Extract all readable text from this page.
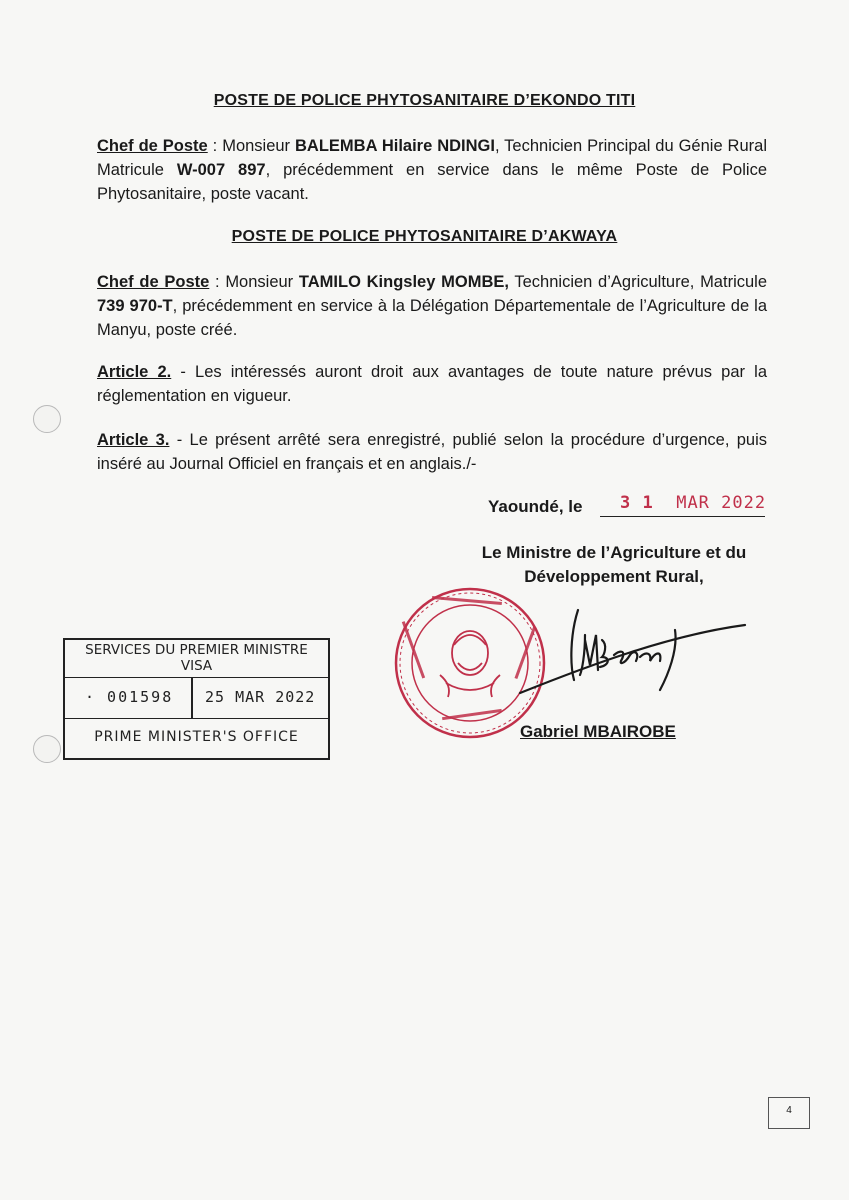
POSTE DE POLICE PHYTOSANITAIRE D’EKONDO TITI
Chef de Poste : Monsieur BALEMBA Hilaire NDINGI, Technicien Principal du Génie Rural Matricule W-007 897, précédemment en service dans le même Poste de Police Phytosanitaire, poste vacant.
POSTE DE POLICE PHYTOSANITAIRE D’AKWAYA
Chef de Poste : Monsieur TAMILO Kingsley MOMBE, Technicien d’Agriculture, Matricule 739 970-T, précédemment en service à la Délégation Départementale de l’Agriculture de la Manyu, poste créé.
Article 2. - Les intéressés auront droit aux avantages de toute nature prévus par la réglementation en vigueur.
Article 3. - Le présent arrêté sera enregistré, publié selon la procédure d’urgence, puis inséré au Journal Officiel en français et en anglais./-
Yaoundé, le 3 1 MAR 2022
Le Ministre de l’Agriculture et du
Développement Rural,
SERVICES DU PREMIER MINISTRE
VISA
· 001598 25 MAR 2022
PRIME MINISTER'S OFFICE	Gabriel MBAIROBE
4
